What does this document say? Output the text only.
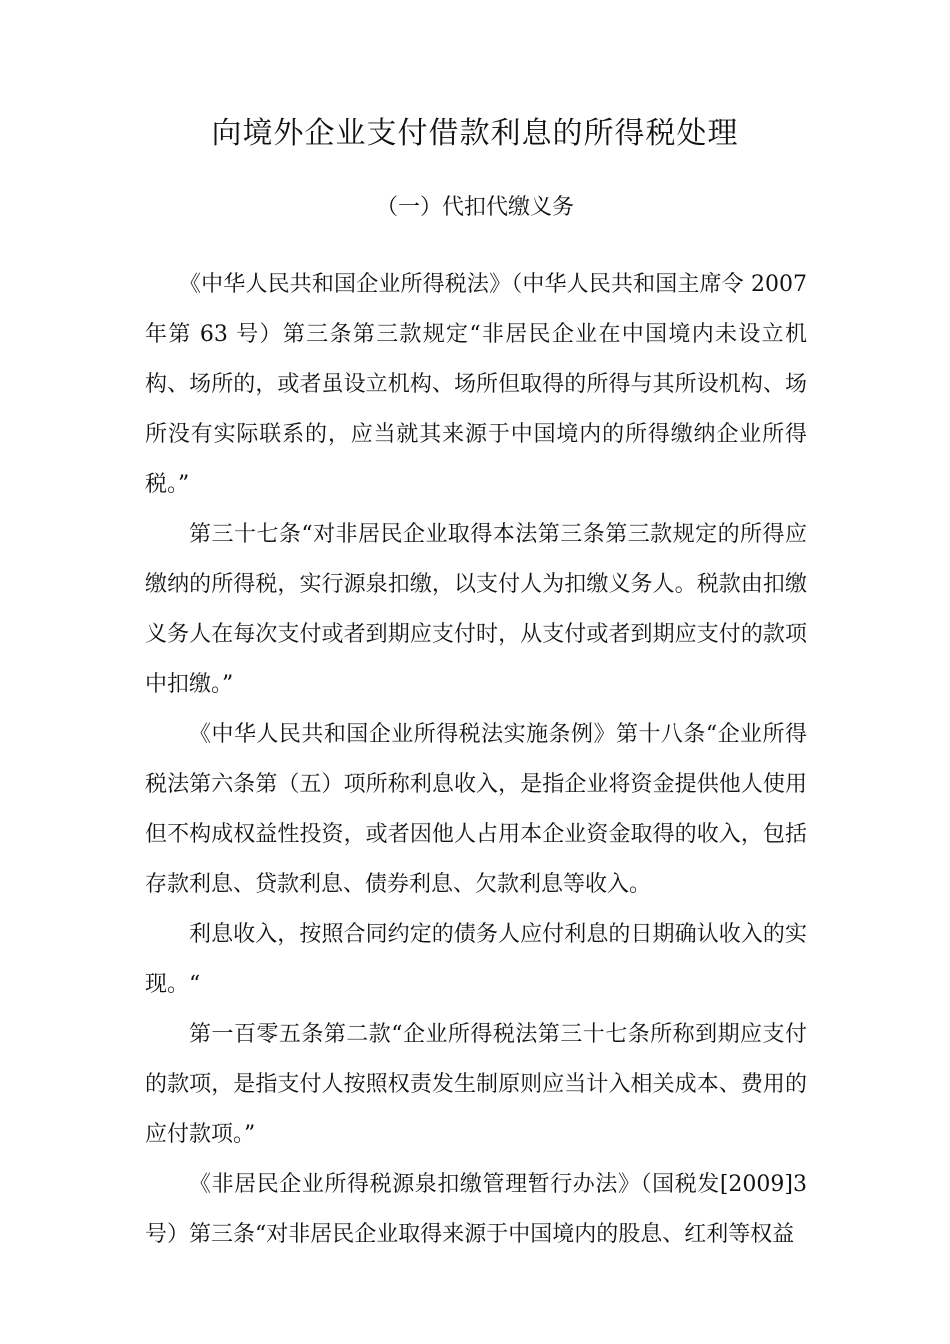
向境外企业支付借款利息的所得税处理
（一）代扣代缴义务

《中华人民共和国企业所得税法》（中华人民共和国主席令 2007 年第 63 号）第三条第三款规定“非居民企业在中国境内未设立机构、场所的，或者虽设立机构、场所但取得的所得与其所设机构、场所没有实际联系的，应当就其来源于中国境内的所得缴纳企业所得税。”

第三十七条“对非居民企业取得本法第三条第三款规定的所得应缴纳的所得税，实行源泉扣缴，以支付人为扣缴义务人。税款由扣缴义务人在每次支付或者到期应支付时，从支付或者到期应支付的款项中扣缴。”

《中华人民共和国企业所得税法实施条例》第十八条“企业所得税法第六条第（五）项所称利息收入，是指企业将资金提供他人使用但不构成权益性投资，或者因他人占用本企业资金取得的收入，包括存款利息、贷款利息、债券利息、欠款利息等收入。

利息收入，按照合同约定的债务人应付利息的日期确认收入的实现。“

第一百零五条第二款“企业所得税法第三十七条所称到期应支付的款项，是指支付人按照权责发生制原则应当计入相关成本、费用的应付款项。”

《非居民企业所得税源泉扣缴管理暂行办法》（国税发[2009]3 号）第三条“对非居民企业取得来源于中国境内的股息、红利等权益
